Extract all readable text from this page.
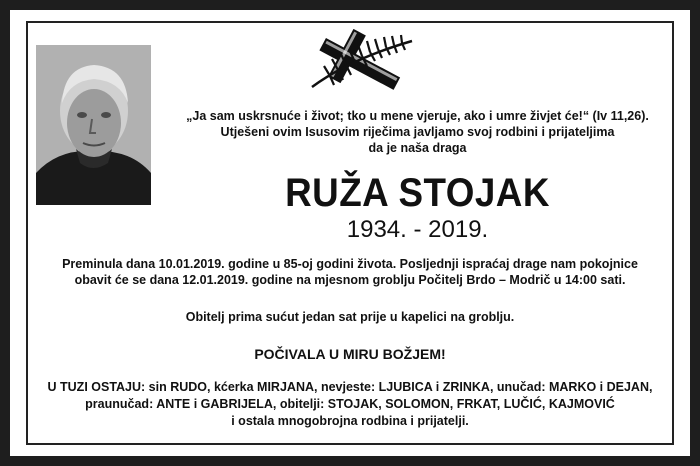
„Ja sam uskrsnuće i život; tko u mene vjeruje, ako i umre živjet će!“ (Iv 11,26).
Utješeni ovim Isusovim riječima javljamo svoj rodbini i prijateljima
da je naša draga
RUŽA STOJAK
1934. - 2019.
Preminula dana 10.01.2019. godine u 85-oj godini života. Posljednji ispraćaj drage nam pokojnice
obavit će se dana 12.01.2019. godine na mjesnom groblju Počitelj Brdo – Modrič u 14:00 sati.
Obitelj prima sućut jedan sat prije u kapelici na groblju.
POČIVALA U MIRU BOŽJEM!
U TUZI OSTAJU: sin RUDO, kćerka MIRJANA, nevjeste: LJUBICA i ZRINKA, unučad: MARKO i DEJAN,
praunučad: ANTE i GABRIJELA, obitelji: STOJAK, SOLOMON, FRKAT, LUČIĆ, KAJMOVIĆ
i ostala mnogobrojna rodbina i prijatelji.
